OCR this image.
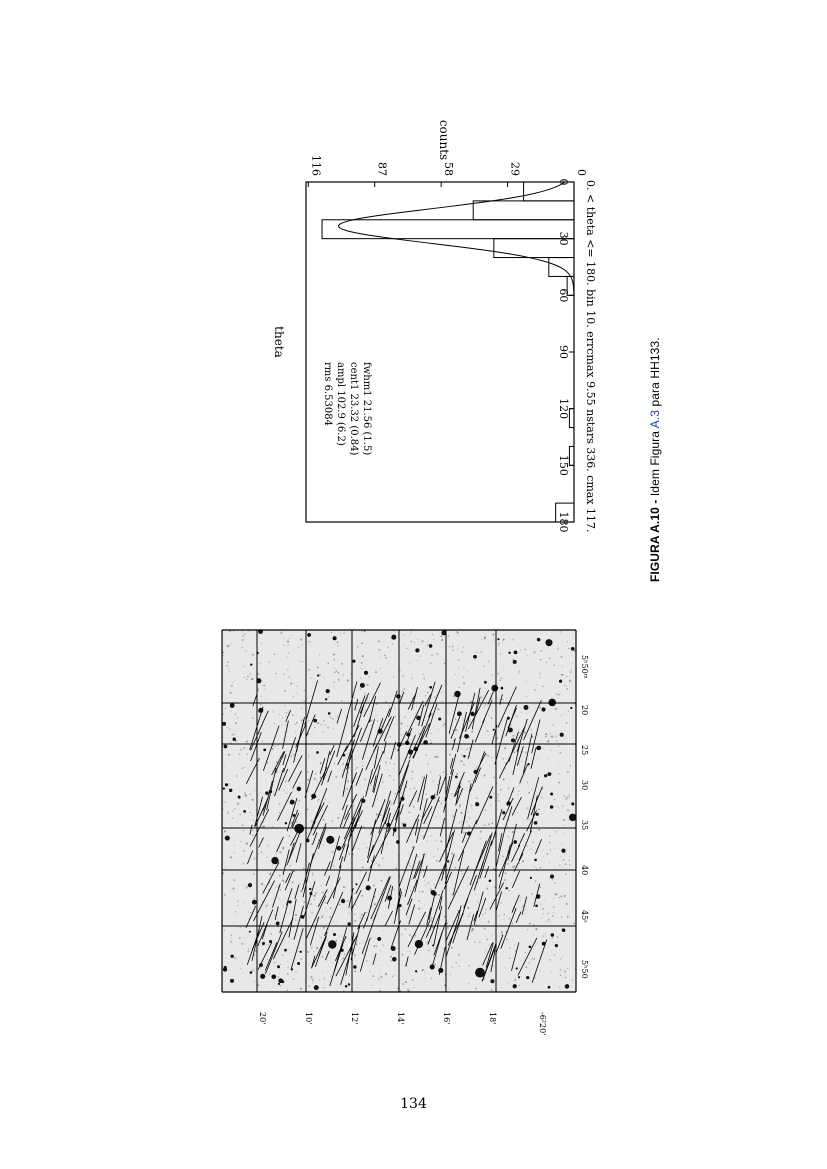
0. < theta <= 180. bin 10. errcmax 9.55 nstars 336. cmax 117.
rms 6.53084 ampl 102.9 (6.2) cent1 23.32 (0.84) fwhm1 21.56 (1.5)
0
30
60
90
120
150
180
0
29
58
87
116
theta
counts
20'	10'	12'	14'	16'	18'	-6²20'
5ʰ50
45ˢ
40
35
30
25
20
5ʰ50ᵐ
FIGURA A.10 - Idem Figura A.3 para HH133.
134
